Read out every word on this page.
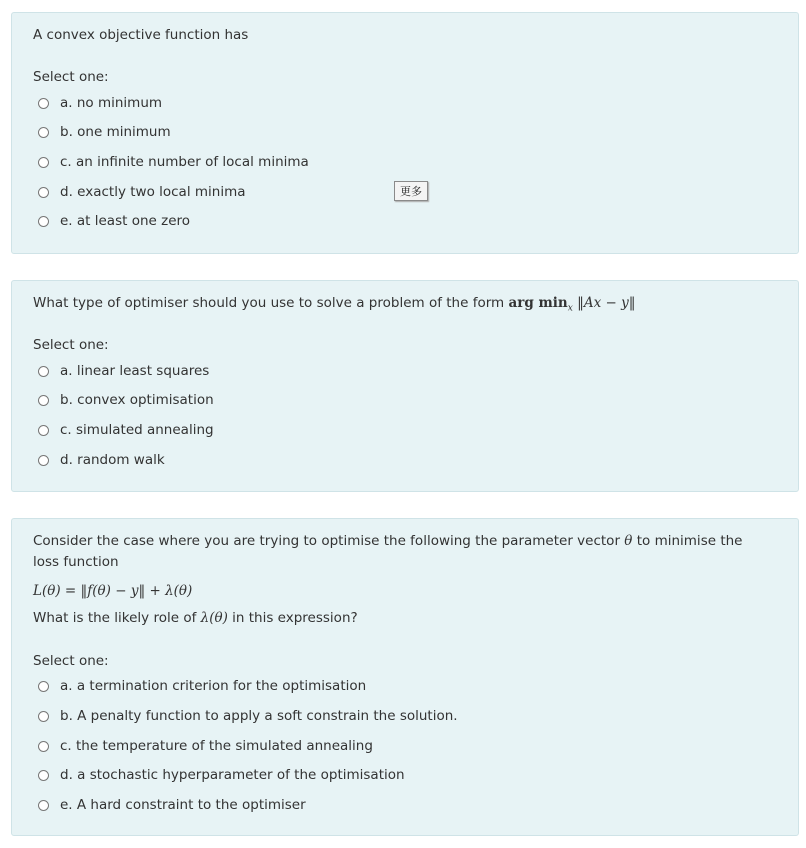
A convex objective function has
Select one:
a. no minimum
b. one minimum
c. an infinite number of local minima
d. exactly two local minima
e. at least one zero
更多
What type of optimiser should you use to solve a problem of the form arg $\min_x$ ‖Ax − y‖
Select one:
a. linear least squares
b. convex optimisation
c. simulated annealing
d. random walk
Consider the case where you are trying to optimise the following the parameter vector θ to minimise the loss function
L(θ) = ‖f(θ) − y‖ + λ(θ)
What is the likely role of λ(θ) in this expression?
Select one:
a. a termination criterion for the optimisation
b. A penalty function to apply a soft constrain the solution.
c. the temperature of the simulated annealing
d. a stochastic hyperparameter of the optimisation
e. A hard constraint to the optimiser
